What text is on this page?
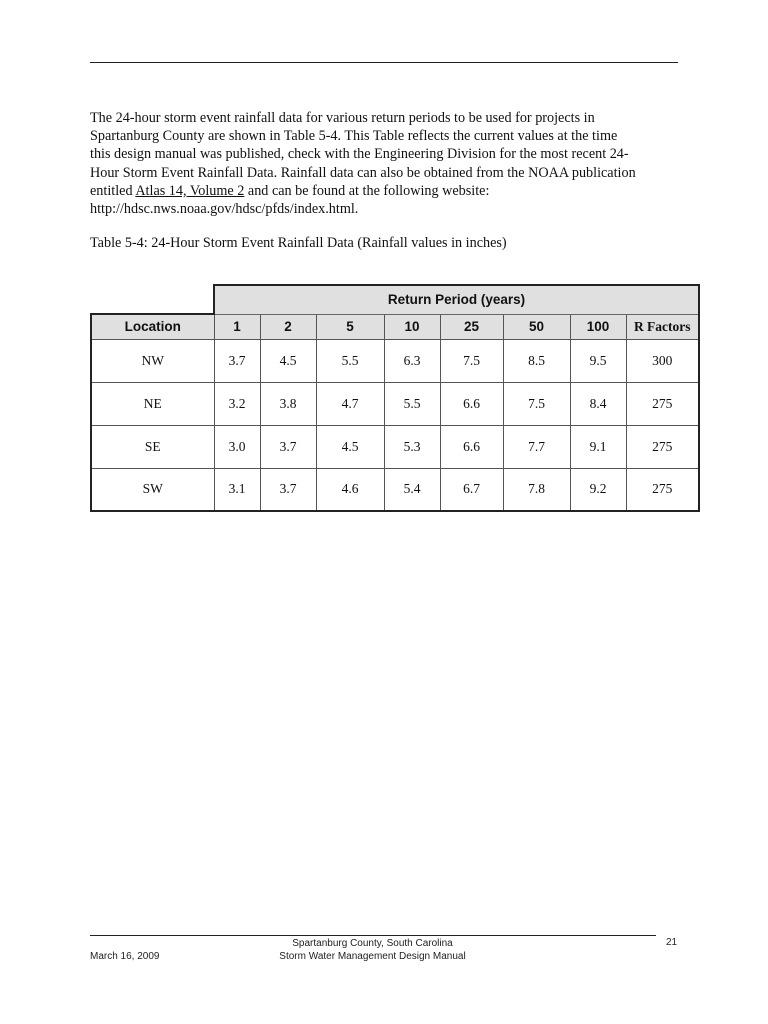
The 24-hour storm event rainfall data for various return periods to be used for projects in
Spartanburg County are shown in Table 5-4. This Table reflects the current values at the time
this design manual was published, check with the Engineering Division for the most recent 24-
Hour Storm Event Rainfall Data. Rainfall data can also be obtained from the NOAA publication
entitled Atlas 14, Volume 2 and can be found at the following website:
http://hdsc.nws.noaa.gov/hdsc/pfds/index.html.

Table 5-4: 24-Hour Storm Event Rainfall Data (Rainfall values in inches)

	Return Period (years)							
Location	1	2	5	10	25	50	100	R Factors
NW	3.7	4.5	5.5	6.3	7.5	8.5	9.5	300
NE	3.2	3.8	4.7	5.5	6.6	7.5	8.4	275
SE	3.0	3.7	4.5	5.3	6.6	7.7	9.1	275
SW	3.1	3.7	4.6	5.4	6.7	7.8	9.2	275
March 16, 2009
Spartanburg County, South Carolina
Storm Water Management Design Manual
21
